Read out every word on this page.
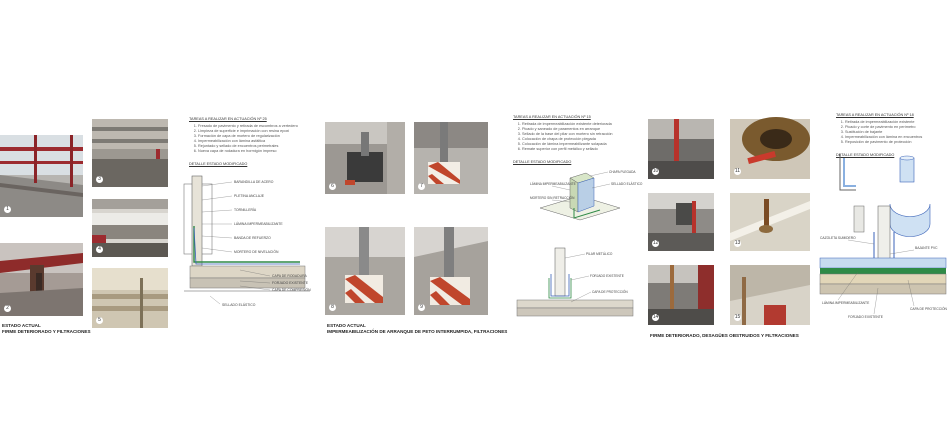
1
2
3
4
5
ESTADO ACTUAL
FIRME DETERIORADO Y FILTRACIONES
TAREAS A REALIZAR EN ACTUACIÓN Nº 25
1. Fresado de pavimento y retirada de escombros a vertedero
2. Limpieza de superficie e imprimación con resina epoxi
3. Formación de capa de mortero de regularización
4. Impermeabilización con lámina asfáltica
5. Rejuntado y sellado de encuentros perimetrales
6. Nueva capa de rodadura en hormigón impreso
DETALLE ESTADO MODIFICADO
BARANDILLA DE ACERO
PLETINA ANCLAJE
TORNILLERÍA
LÁMINA IMPERMEABILIZANTE
BANDA DE REFUERZO
MORTERO DE NIVELACIÓN
CAPA DE RODADURA
FORJADO EXISTENTE
CAPA DE COMPRESIÓN
SELLADO ELÁSTICO
6	7
8	9
ESTADO ACTUAL
IMPERMEABILIZACIÓN DE ARRANQUE DE PETO INTERRUMPIDA, FILTRACIONES
TAREAS A REALIZAR EN ACTUACIÓN Nº 15
1. Retirada de impermeabilización existente deteriorada
2. Picado y saneado de paramentos en arranque
3. Sellado de la base del pilar con mortero sin retracción
4. Colocación de chapa de protección plegada
5. Colocación de lámina impermeabilizante solapada
6. Remate superior con perfil metálico y sellado
DETALLE ESTADO MODIFICADO
CHAPA PLEGADA
SELLADO ELÁSTICO
LÁMINA IMPERMEABILIZANTE
MORTERO SIN RETRACCIÓN
PILAR METÁLICO
FORJADO EXISTENTE
CAPA DE PROTECCIÓN
10	11
12	13
14	15
FIRME DETERIORADO, DESAGÜES OBSTRUIDOS Y FILTRACIONES
TAREAS A REALIZAR EN ACTUACIÓN Nº 18
1. Retirada de impermeabilización existente
2. Picado y corte de pavimento en perímetro
3. Sustitución de bajante
4. Impermeabilización con lámina en encuentros
5. Reposición de pavimento de protección
DETALLE ESTADO MODIFICADO
CAZOLETA SUMIDERO
BAJANTE PVC
LÁMINA IMPERMEABILIZANTE
CAPA DE PROTECCIÓN
FORJADO EXISTENTE
